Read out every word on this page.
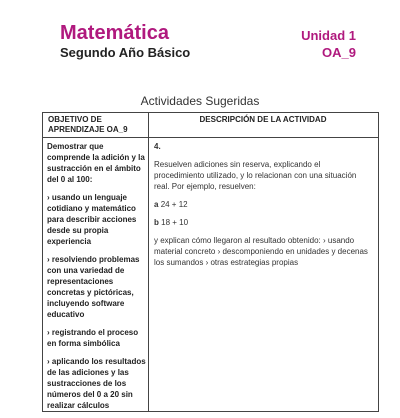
Matemática
Segundo Año Básico
Unidad 1
OA_9
Actividades Sugeridas
OBJETIVO DE APRENDIZAJE OA_9
DESCRIPCIÓN DE LA ACTIVIDAD

Demostrar que comprende la adición y la sustracción en el ámbito del 0 al 100:

› usando un lenguaje cotidiano y matemático para describir acciones desde su propia experiencia

› resolviendo problemas con una variedad de representaciones concretas y pictóricas, incluyendo software educativo

› registrando el proceso en forma simbólica

› aplicando los resultados de las adiciones y las sustracciones de los números del 0 a 20 sin realizar cálculos

4.

Resuelven adiciones sin reserva, explicando el procedimiento utilizado, y lo relacionan con una situación real. Por ejemplo, resuelven:

a 24 + 12

b 18 + 10

y explican cómo llegaron al resultado obtenido: › usando material concreto › descomponiendo en unidades y decenas los sumandos › otras estrategias propias
